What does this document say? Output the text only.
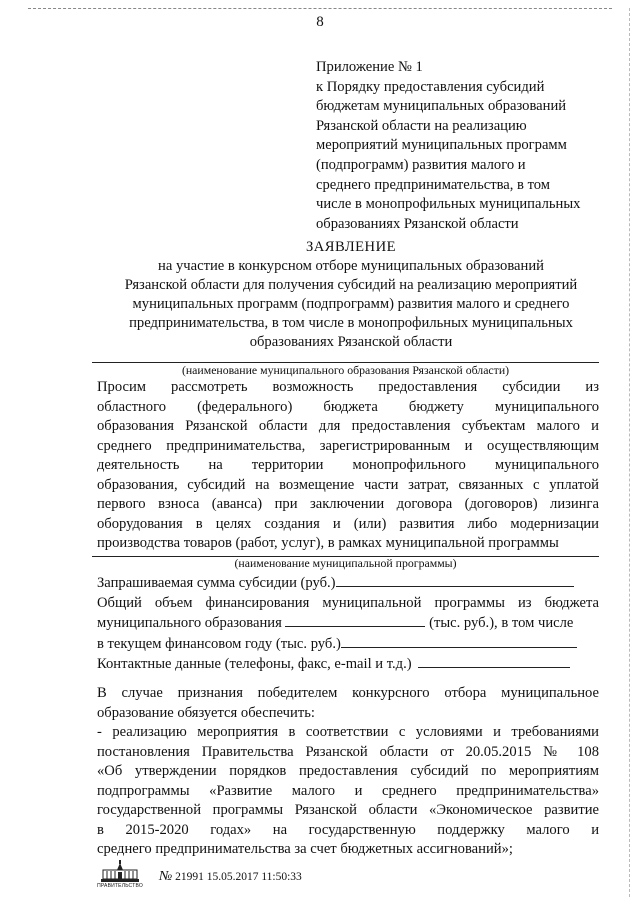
8
Приложение № 1
к Порядку предоставления субсидий
бюджетам муниципальных образований
Рязанской области на реализацию
мероприятий муниципальных программ
(подпрограмм) развития малого и
среднего предпринимательства, в том
числе в монопрофильных муниципальных
образованиях Рязанской области
ЗАЯВЛЕНИЕ
на участие в конкурсном отборе муниципальных образований
Рязанской области для получения субсидий на реализацию мероприятий
муниципальных программ (подпрограмм) развития малого и среднего
предпринимательства, в том числе в монопрофильных муниципальных
образованиях Рязанской области
(наименование муниципального образования Рязанской области)
Просим рассмотреть возможность предоставления субсидии из
областного (федерального) бюджета бюджету муниципального
образования Рязанской области для предоставления субъектам малого и
среднего предпринимательства, зарегистрированным и осуществляющим
деятельность на территории монопрофильного муниципального
образования, субсидий на возмещение части затрат, связанных с уплатой
первого взноса (аванса) при заключении договора (договоров) лизинга
оборудования в целях создания и (или) развития либо модернизации
производства товаров (работ, услуг), в рамках муниципальной программы
(наименование муниципальной программы)
Запрашиваемая сумма субсидии (руб.)
Общий объем финансирования муниципальной программы из бюджета
муниципального образования	(тыс. руб.), в том числе
в текущем финансовом году (тыс. руб.)
Контактные данные (телефоны, факс, e-mail и т.д.)
В случае признания победителем конкурсного отбора муниципальное
образование обязуется обеспечить:
- реализацию мероприятия в соответствии с условиями и требованиями
постановления Правительства Рязанской области от 20.05.2015 № 108
«Об утверждении порядков предоставления субсидий по мероприятиям
подпрограммы «Развитие малого и среднего предпринимательства»
государственной программы Рязанской области «Экономическое развитие
в 2015-2020 годах» на государственную поддержку малого и
среднего предпринимательства за счет бюджетных ассигнований»;
ПРАВИТЕЛЬСТВО
№ 21991 15.05.2017 11:50:33
